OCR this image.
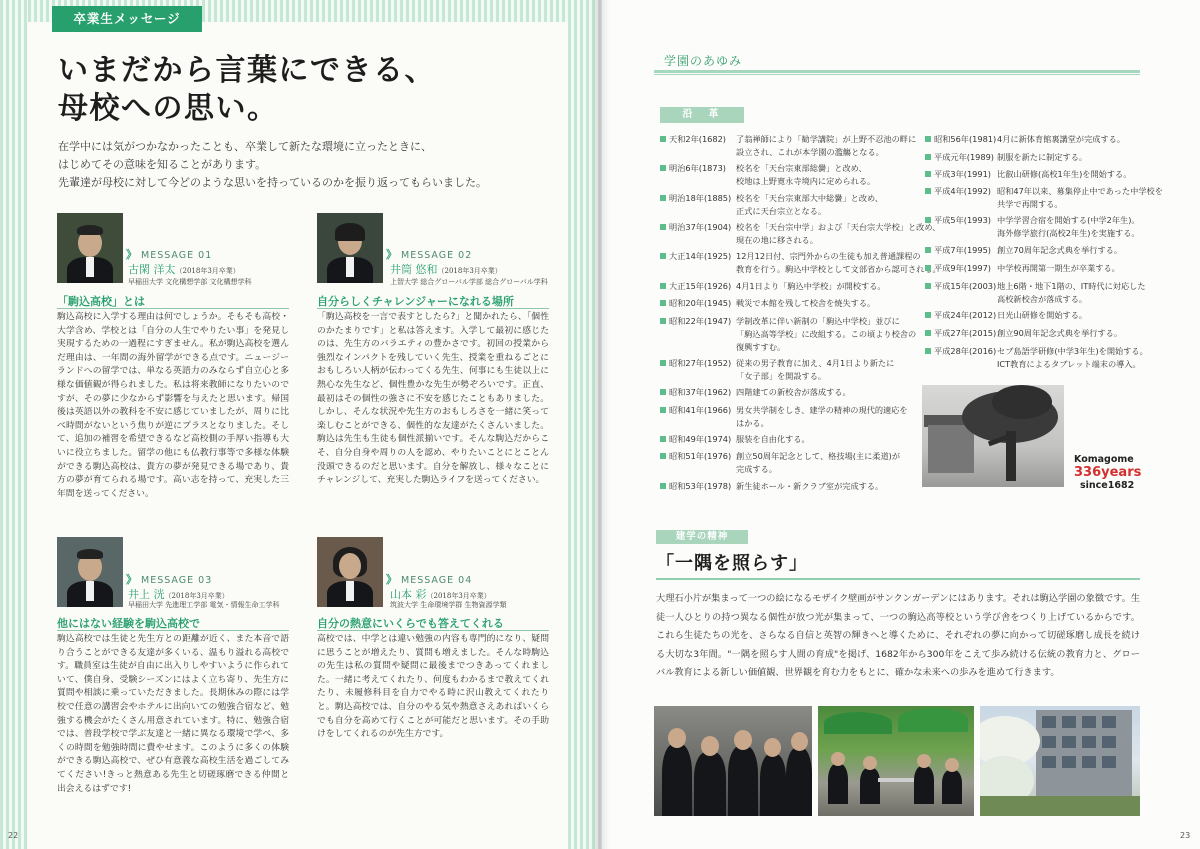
卒業生メッセージ
いまだから言葉にできる、
母校への思い。
在学中には気がつかなかったことも、卒業して新たな環境に立ったときに、
はじめてその意味を知ることがあります。
先輩達が母校に対して今どのような思いを持っているのかを振り返ってもらいました。
》 MESSAGE 01
古閑 洋太（2018年3月卒業）
早稲田大学 文化構想学部 文化構想学科
「駒込高校」とは
駒込高校に入学する理由は何でしょうか。そもそも高校・大学含め、学校とは「自分の人生でやりたい事」を発見し実現するための一過程にすぎません。私が駒込高校を選んだ理由は、一年間の海外留学ができる点です。ニュージーランドへの留学では、単なる英語力のみならず自立心と多様な価値観が得られました。私は将来教師になりたいのですが、その夢に少なからず影響を与えたと思います。帰国後は英語以外の教科を不安に感じていましたが、周りに比べ時間がないという焦りが逆にプラスとなりました。そして、追加の補習を希望できるなど高校側の手厚い指導も大いに役立ちました。留学の他にも仏教行事等で多様な体験ができる駒込高校は、貴方の夢が発見できる場であり、貴方の夢が育てられる場です。高い志を持って、充実した三年間を送ってください。
》 MESSAGE 02
井筒 悠和（2018年3月卒業）
上智大学 総合グローバル学部 総合グローバル学科
自分らしくチャレンジャーになれる場所
「駒込高校を一言で表すとしたら?」と聞かれたら、「個性のかたまりです」と私は答えます。入学して最初に感じたのは、先生方のバラエティの豊かさです。初回の授業から強烈なインパクトを残していく先生、授業を重ねるごとにおもしろい人柄が伝わってくる先生、何事にも生徒以上に熱心な先生など、個性豊かな先生が勢ぞろいです。正直、最初はその個性の強さに不安を感じたこともありました。しかし、そんな状況や先生方のおもしろさを一緒に笑って楽しむことができる、個性的な友達がたくさんいました。駒込は先生も生徒も個性派揃いです。そんな駒込だからこそ、自分自身や周りの人を認め、やりたいことにとことん没頭できるのだと思います。自分を解放し、様々なことにチャレンジして、充実した駒込ライフを送ってください。
》 MESSAGE 03
井上 洸（2018年3月卒業）
早稲田大学 先進理工学部 電気・情報生命工学科
他にはない経験を駒込高校で
駒込高校では生徒と先生方との距離が近く、また本音で語り合うことができる友達が多くいる、温もり溢れる高校です。職員室は生徒が自由に出入りしやすいように作られていて、僕自身、受験シーズンにはよく立ち寄り、先生方に質問や相談に乗っていただきました。長期休みの際には学校で任意の講習会やホテルに出向いての勉強合宿など、勉強する機会がたくさん用意されています。特に、勉強合宿では、普段学校で学ぶ友達と一緒に異なる環境で学べ、多くの時間を勉強時間に費やせます。このように多くの体験ができる駒込高校で、ぜひ有意義な高校生活を過ごしてみてください!きっと熱意ある先生と切磋琢磨できる仲間と出会えるはずです!
》 MESSAGE 04
山本 彩（2018年3月卒業）
筑波大学 生命環境学群 生物資源学類
自分の熱意にいくらでも答えてくれる
高校では、中学とは違い勉強の内容も専門的になり、疑問に思うことが増えたり、質問も増えました。そんな時駒込の先生は私の質問や疑問に最後までつきあってくれました。一緒に考えてくれたり、何度もわかるまで教えてくれたり、未履修科目を自力でやる時に沢山教えてくれたりと。駒込高校では、自分のやる気や熱意さえあればいくらでも自分を高めて行くことが可能だと思います。その手助けをしてくれるのが先生方です。
22
学園のあゆみ
沿　革
天和2年(1682) 了翁禅師により「勧学講院」が上野不忍池の畔に
設立され、これが本学園の濫觴となる。
明治6年(1873) 校名を「天台宗東部総黌」と改め、
校地は上野寛永寺境内に定められる。
明治18年(1885) 校名を「天台宗東部大中総黌」と改め、
正式に天台宗立となる。
明治37年(1904) 校名を「天台宗中学」および「天台宗大学校」と改め、
現在の地に移される。
大正14年(1925) 12月12日付、宗門外からの生徒も加え普通課程の
教育を行う。駒込中学校として文部省から認可される。
大正15年(1926) 4月1日より「駒込中学校」が開校する。
昭和20年(1945) 戦災で本館を残して校舎を焼失する。
昭和22年(1947) 学制改革に伴い新制の「駒込中学校」並びに
「駒込高等学校」に改組する。この頃より校舎の
復興すすむ。
昭和27年(1952) 従来の男子教育に加え、4月1日より新たに
「女子部」を開設する。
昭和37年(1962) 四階建ての新校舎が落成する。
昭和41年(1966) 男女共学制をしき、建学の精神の現代的適応を
はかる。
昭和49年(1974) 服装を自由化する。
昭和51年(1976) 創立50周年記念として、格技場(主に柔道)が
完成する。
昭和53年(1978) 新生徒ホール・新クラブ室が完成する。
昭和56年(1981) 4月に新体育館裏講堂が完成する。
平成元年(1989) 制服を新たに制定する。
平成3年(1991) 比叡山研修(高校1年生)を開始する。
平成4年(1992) 昭和47年以来、募集停止中であった中学校を
共学で再開する。
平成5年(1993) 中学学習合宿を開始する(中学2年生)。
海外修学旅行(高校2年生)を実施する。
平成7年(1995) 創立70周年記念式典を挙行する。
平成9年(1997) 中学校再開第一期生が卒業する。
平成15年(2003) 地上6階・地下1階の、IT時代に対応した
高校新校舎が落成する。
平成24年(2012) 日光山研修を開始する。
平成27年(2015) 創立90周年記念式典を挙行する。
平成28年(2016) セブ島語学研修(中学3年生)を開始する。
ICT教育によるタブレット端末の導入。
Komagome
336years
since1682
建学の精神
「一隅を照らす」
大理石小片が集まって一つの絵になるモザイク壁画がサンクンガーデンにはあります。それは駒込学園の象徴です。生徒一人ひとりの持つ異なる個性が放つ光が集まって、一つの駒込高等校という学び舎をつくり上げているからです。これら生徒たちの光を、さらなる自信と英智の輝きへと導くために、それぞれの夢に向かって切磋琢磨し成長を続ける大切な3年間。"一隅を照らす人間の育成"を掲げ、1682年から300年をこえて歩み続ける伝統の教育力と、グローバル教育による新しい価値観、世界観を育む力をもとに、確かな未来への歩みを進めて行きます。
23
